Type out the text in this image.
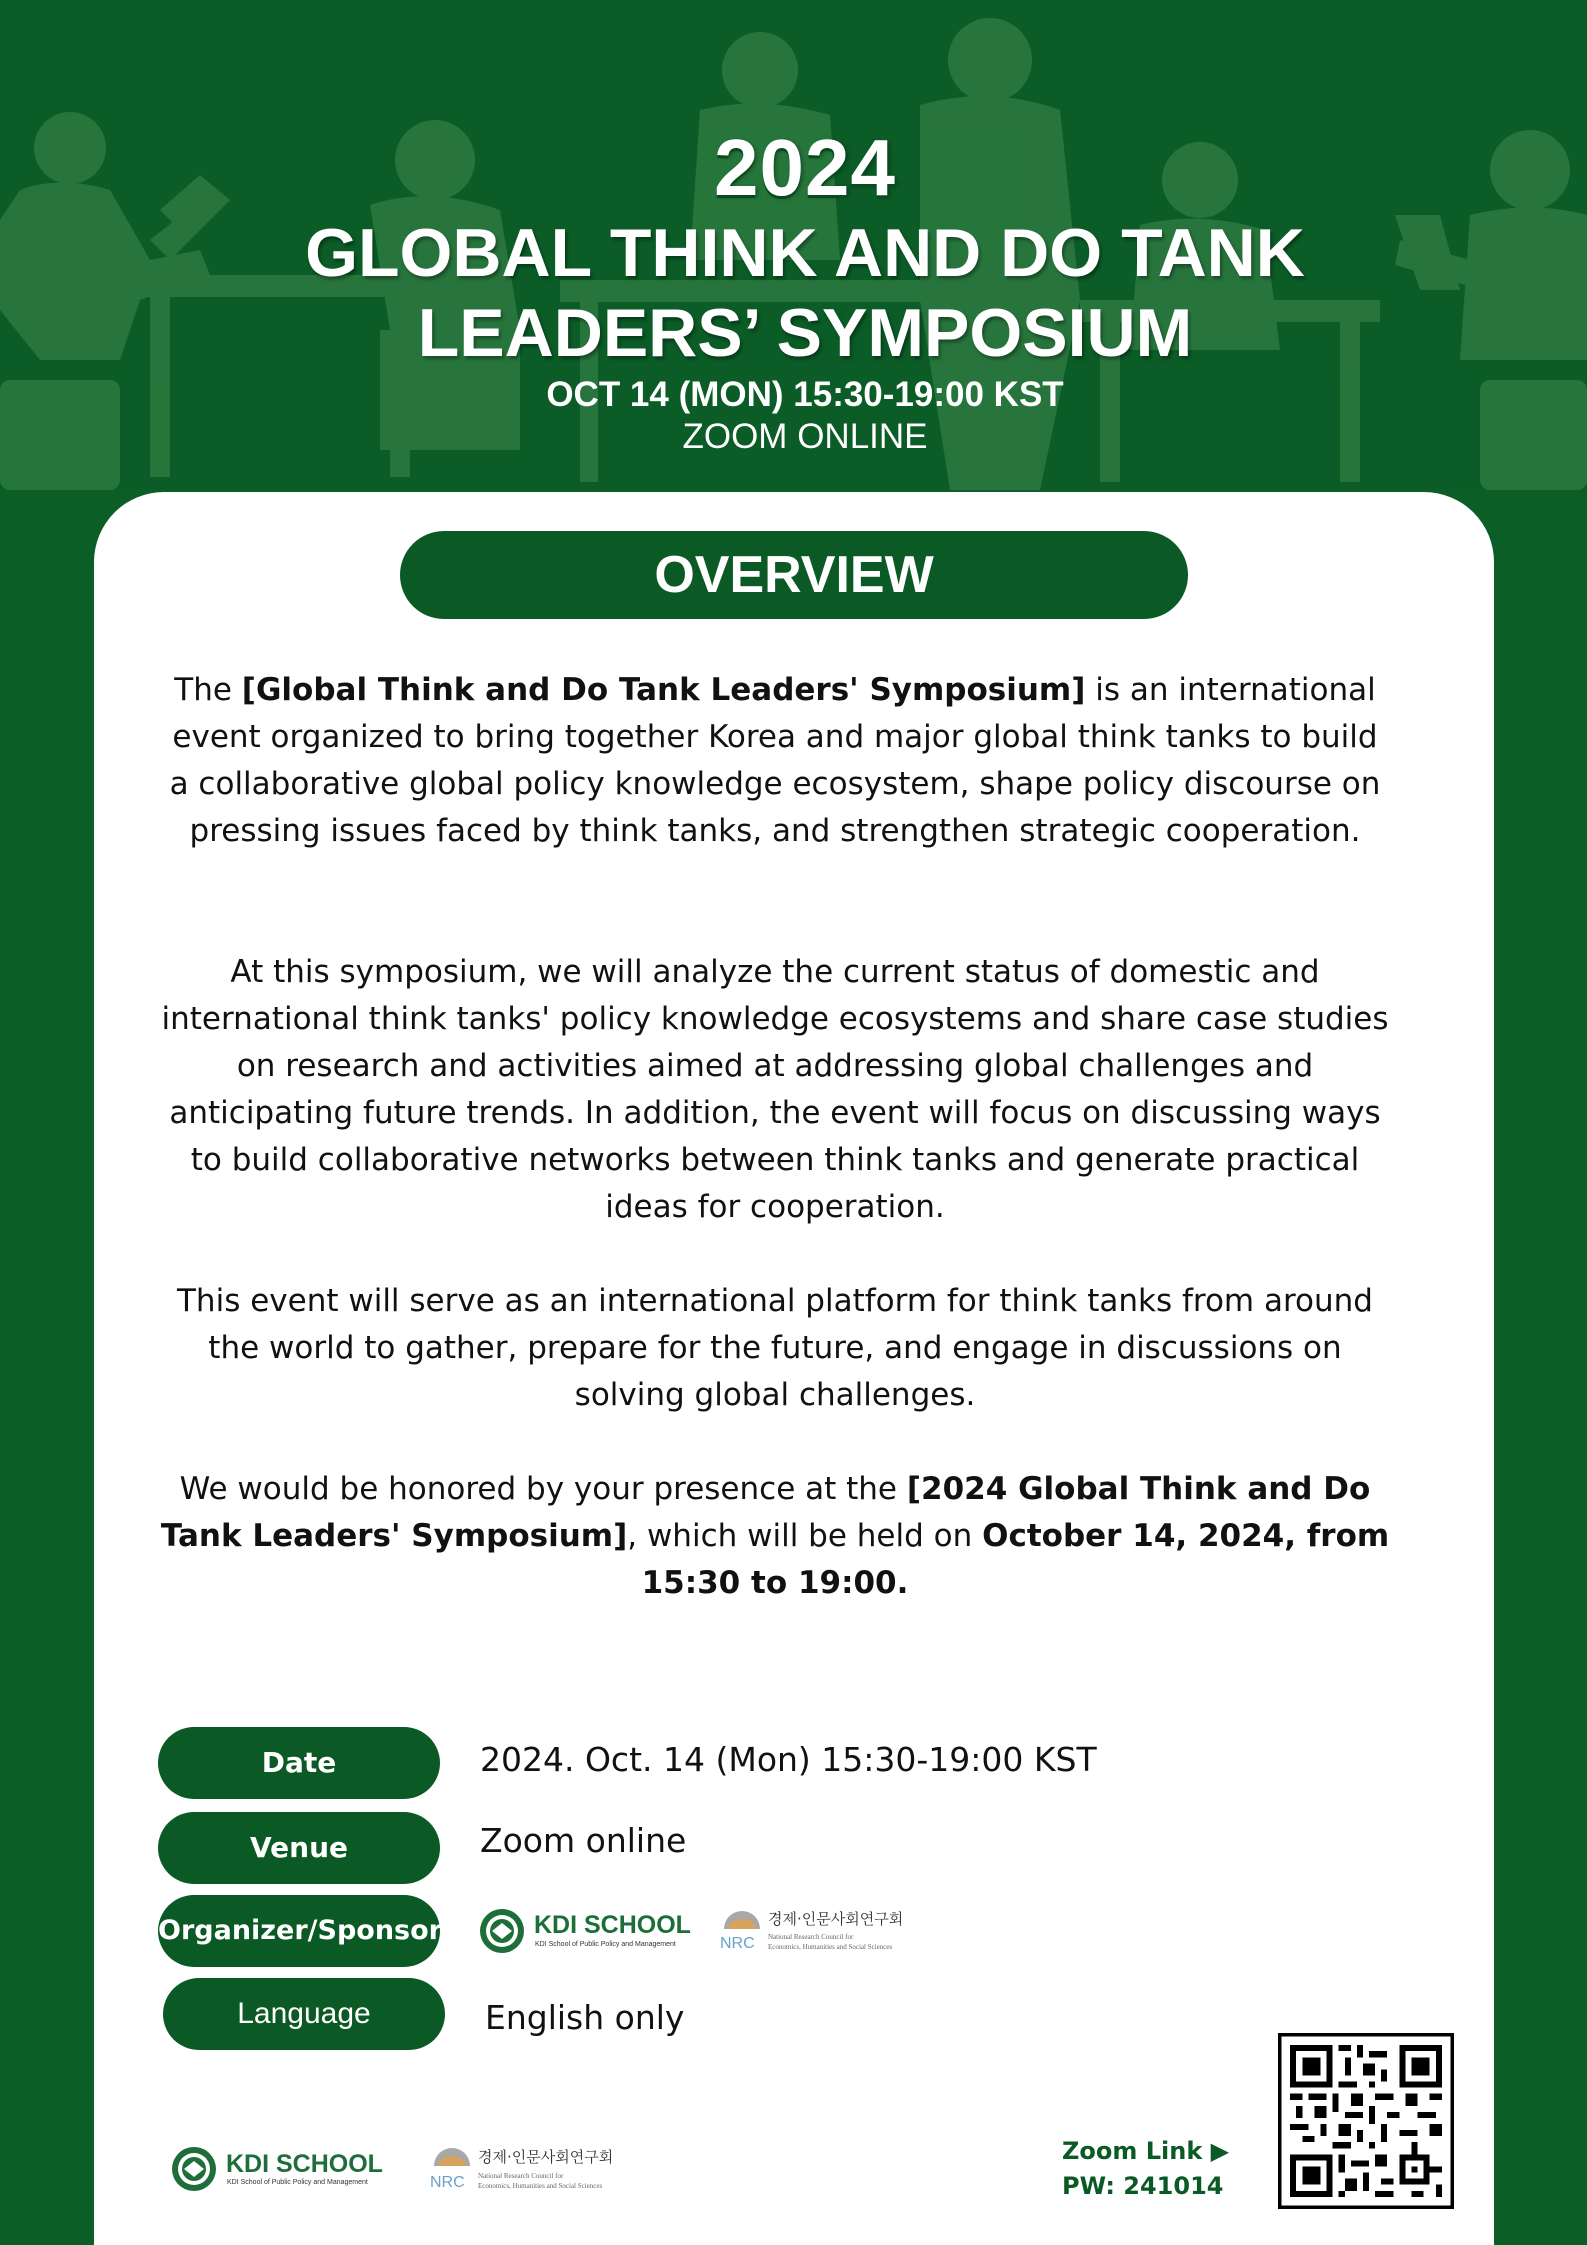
2024
GLOBAL THINK AND DO TANK
LEADERS’ SYMPOSIUM
OCT 14 (MON) 15:30-19:00 KST
ZOOM ONLINE
OVERVIEW
The [Global Think and Do Tank Leaders' Symposium] is an international event organized to bring together Korea and major global think tanks to build a collaborative global policy knowledge ecosystem, shape policy discourse on pressing issues faced by think tanks, and strengthen strategic cooperation.
At this symposium, we will analyze the current status of domestic and international think tanks' policy knowledge ecosystems and share case studies on research and activities aimed at addressing global challenges and anticipating future trends. In addition, the event will focus on discussing ways to build collaborative networks between think tanks and generate practical ideas for cooperation.
This event will serve as an international platform for think tanks from around the world to gather, prepare for the future, and engage in discussions on solving global challenges.
We would be honored by your presence at the [2024 Global Think and Do Tank Leaders' Symposium], which will be held on October 14, 2024, from 15:30 to 19:00.
Date	2024. Oct. 14 (Mon) 15:30-19:00 KST
Venue	Zoom online
Organizer/Sponsor	KDI SCHOOL
KDI School of Public Policy and Management	NRC
경제·인문사회연구회
National Research Council for
Economics, Humanities and Social Sciences
Language	English only
KDI SCHOOL
KDI School of Public Policy and Management	NRC
경제·인문사회연구회
National Research Council for
Economics, Humanities and Social Sciences
Zoom Link ▶
PW: 241014
